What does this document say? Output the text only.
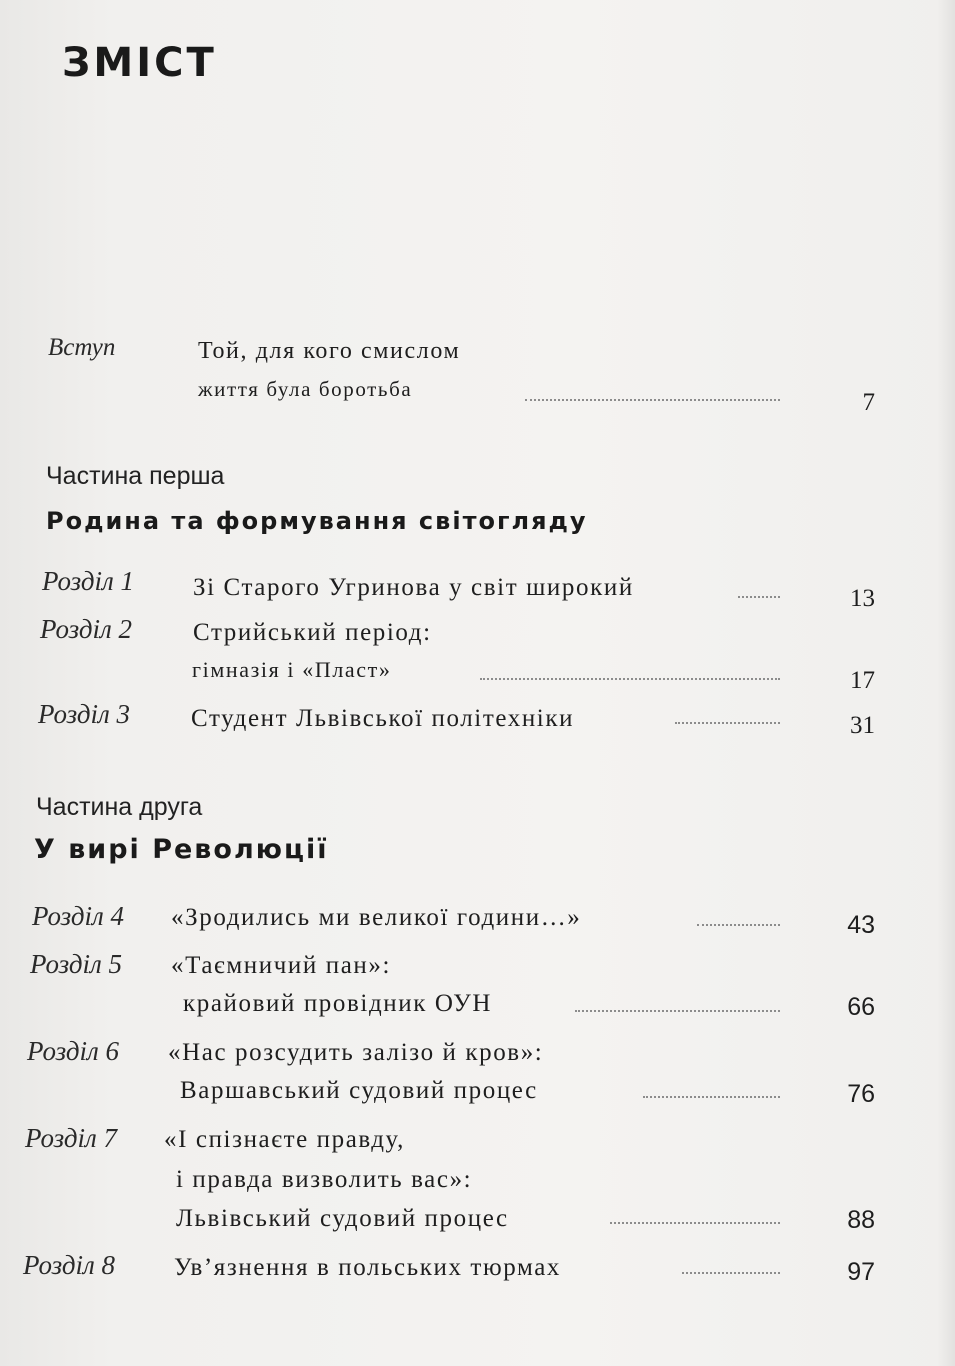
ЗМІСТ
Вступ	Той, для кого смислом
життя була боротьба	7
Частина перша
Родина та формування світогляду
Розділ 1 Зі Старого Угринова у світ широкий	13
Розділ 2 Стрийський період:
гімназія і «Пласт»	17
Розділ 3 Студент Львівської політехніки	31
Частина друга
У вирі Революції
Розділ 4 «Зродились ми великої години…»	43
Розділ 5 «Таємничий пан»:
крайовий провідник ОУН	66
Розділ 6 «Нас розсудить залізо й кров»:
Варшавський судовий процес	76
Розділ 7 «І спізнаєте правду,
і правда визволить вас»:
Львівський судовий процес	88
Розділ 8 Ув’язнення в польських тюрмах	97
